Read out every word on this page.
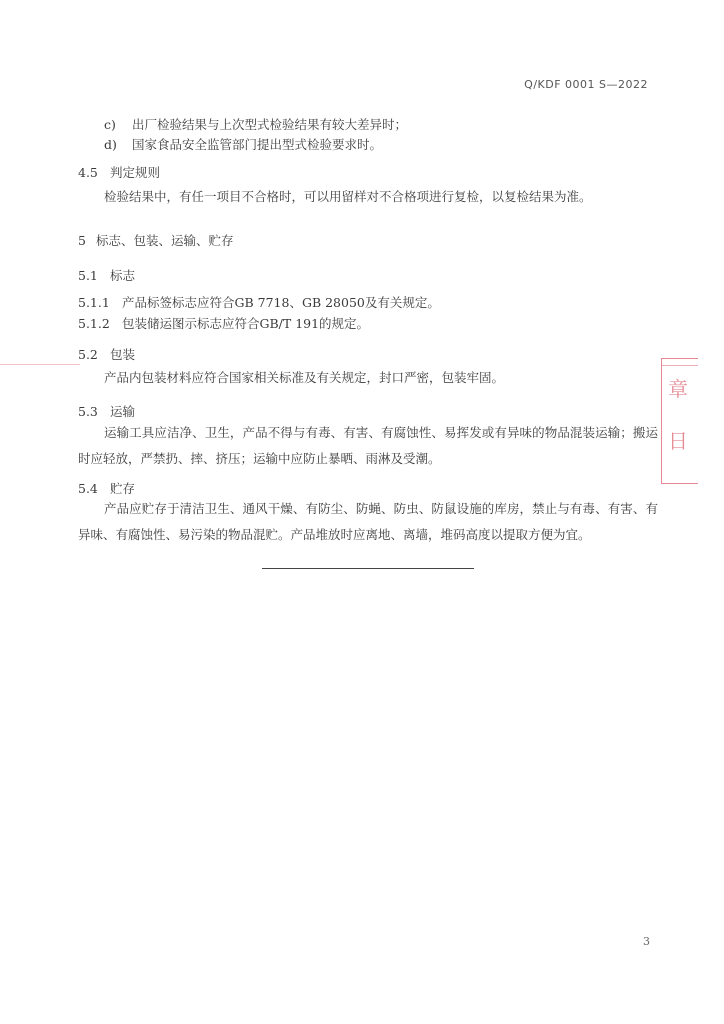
Q/KDF 0001 S—2022
c) 出厂检验结果与上次型式检验结果有较大差异时；
d) 国家食品安全监管部门提出型式检验要求时。
4.5 判定规则
检验结果中，有任一项目不合格时，可以用留样对不合格项进行复检，以复检结果为准。
5 标志、包装、运输、贮存
5.1 标志
5.1.1 产品标签标志应符合GB 7718、GB 28050及有关规定。
5.1.2 包装储运图示标志应符合GB/T 191的规定。
5.2 包装
产品内包装材料应符合国家相关标准及有关规定，封口严密，包装牢固。
5.3 运输
运输工具应洁净、卫生，产品不得与有毒、有害、有腐蚀性、易挥发或有异味的物品混装运输；搬运时应轻放，严禁扔、摔、挤压；运输中应防止暴晒、雨淋及受潮。
5.4 贮存
产品应贮存于清洁卫生、通风干燥、有防尘、防蝇、防虫、防鼠设施的库房，禁止与有毒、有害、有异味、有腐蚀性、易污染的物品混贮。产品堆放时应离地、离墙，堆码高度以提取方便为宜。
章
日
3
